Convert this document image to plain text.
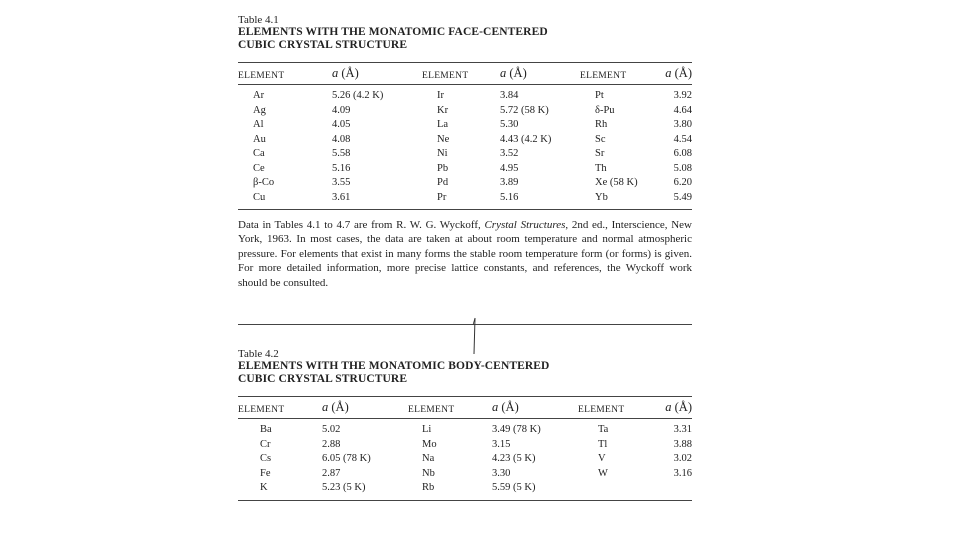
Table 4.1
ELEMENTS WITH THE MONATOMIC FACE-CENTERED
CUBIC CRYSTAL STRUCTURE
ELEMENT	a (Å)	ELEMENT	a (Å)	ELEMENT	a (Å)
Ar	5.26 (4.2 K)	Ir	3.84	Pt	3.92
Ag	4.09	Kr	5.72 (58 K)	δ-Pu	4.64
Al	4.05	La	5.30	Rh	3.80
Au	4.08	Ne	4.43 (4.2 K)	Sc	4.54
Ca	5.58	Ni	3.52	Sr	6.08
Ce	5.16	Pb	4.95	Th	5.08
β-Co	3.55	Pd	3.89	Xe (58 K)	6.20
Cu	3.61	Pr	5.16	Yb	5.49
Data in Tables 4.1 to 4.7 are from R. W. G. Wyckoff, Crystal Structures, 2nd ed., Interscience, New York, 1963. In most cases, the data are taken at about room temperature and normal atmospheric pressure. For elements that exist in many forms the stable room temperature form (or forms) is given. For more detailed information, more precise lattice constants, and references, the Wyckoff work should be consulted.
Table 4.2
ELEMENTS WITH THE MONATOMIC BODY-CENTERED
CUBIC CRYSTAL STRUCTURE
ELEMENT	a (Å)	ELEMENT	a (Å)	ELEMENT	a (Å)
Ba	5.02	Li	3.49 (78 K)	Ta	3.31
Cr	2.88	Mo	3.15	Tl	3.88
Cs	6.05 (78 K)	Na	4.23 (5 K)	V	3.02
Fe	2.87	Nb	3.30	W	3.16
K	5.23 (5 K)	Rb	5.59 (5 K)		
